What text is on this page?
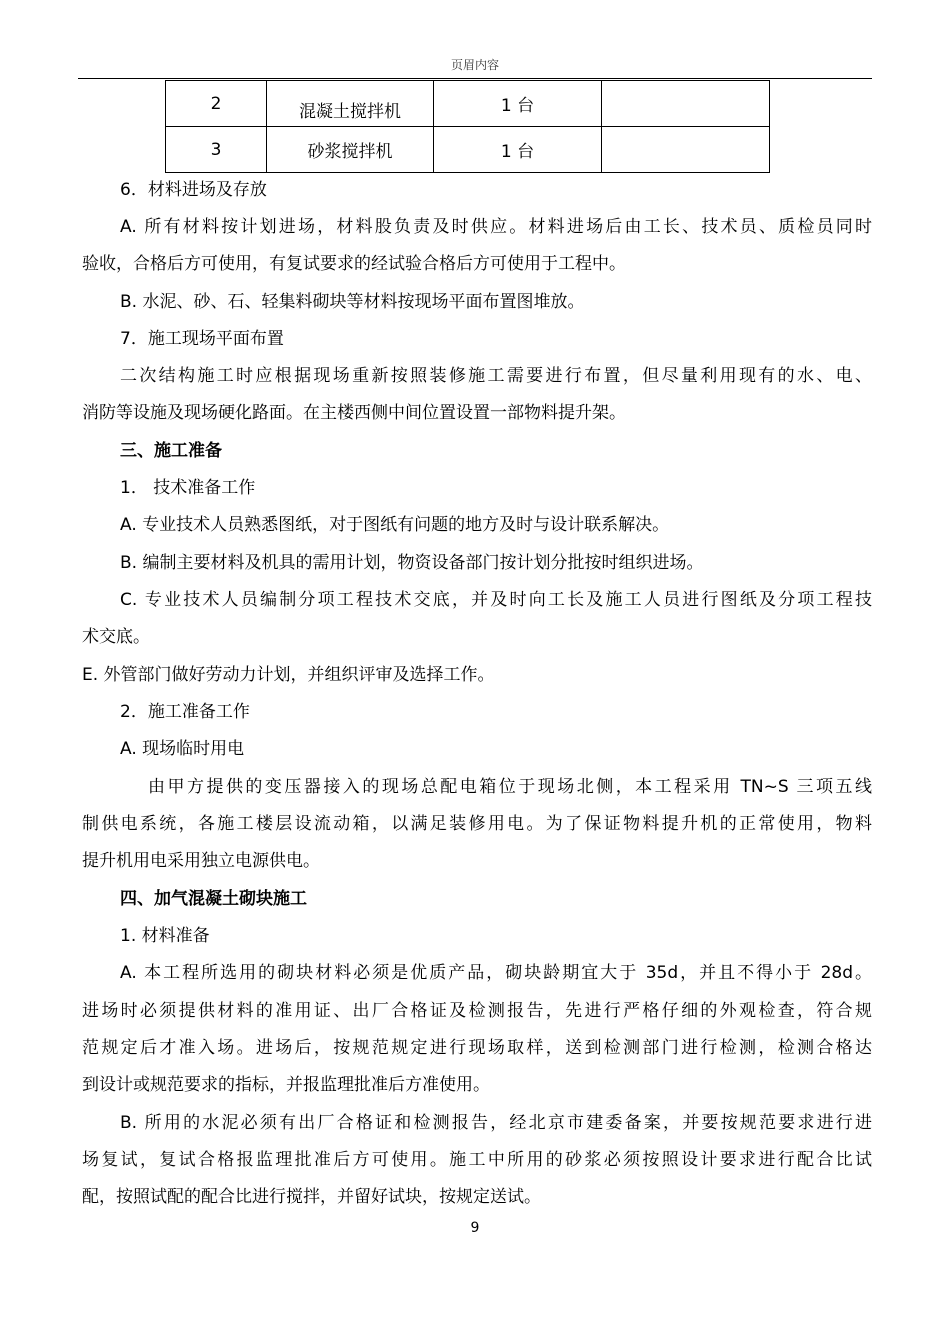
页眉内容
2	混凝土搅拌机	1 台	
3	砂浆搅拌机	1 台	
6．材料进场及存放
A. 所有材料按计划进场，材料股负责及时供应。材料进场后由工长、技术员、质检员同时
验收，合格后方可使用，有复试要求的经试验合格后方可使用于工程中。
B. 水泥、砂、石、轻集料砌块等材料按现场平面布置图堆放。
7．施工现场平面布置
二次结构施工时应根据现场重新按照装修施工需要进行布置，但尽量利用现有的水、电、
消防等设施及现场硬化路面。在主楼西侧中间位置设置一部物料提升架。
三、施工准备
1． 技术准备工作
A. 专业技术人员熟悉图纸，对于图纸有问题的地方及时与设计联系解决。
B. 编制主要材料及机具的需用计划，物资设备部门按计划分批按时组织进场。
C. 专业技术人员编制分项工程技术交底，并及时向工长及施工人员进行图纸及分项工程技
术交底。
E. 外管部门做好劳动力计划，并组织评审及选择工作。
2．施工准备工作
A. 现场临时用电
由甲方提供的变压器接入的现场总配电箱位于现场北侧，本工程采用 TN~S 三项五线
制供电系统，各施工楼层设流动箱，以满足装修用电。为了保证物料提升机的正常使用，物料
提升机用电采用独立电源供电。
四、加气混凝土砌块施工
1. 材料准备
A. 本工程所选用的砌块材料必须是优质产品，砌块龄期宜大于 35d，并且不得小于 28d。
进场时必须提供材料的准用证、出厂合格证及检测报告，先进行严格仔细的外观检查，符合规
范规定后才准入场。进场后，按规范规定进行现场取样，送到检测部门进行检测，检测合格达
到设计或规范要求的指标，并报监理批准后方准使用。
B. 所用的水泥必须有出厂合格证和检测报告，经北京市建委备案，并要按规范要求进行进
场复试，复试合格报监理批准后方可使用。施工中所用的砂浆必须按照设计要求进行配合比试
配，按照试配的配合比进行搅拌，并留好试块，按规定送试。
9
